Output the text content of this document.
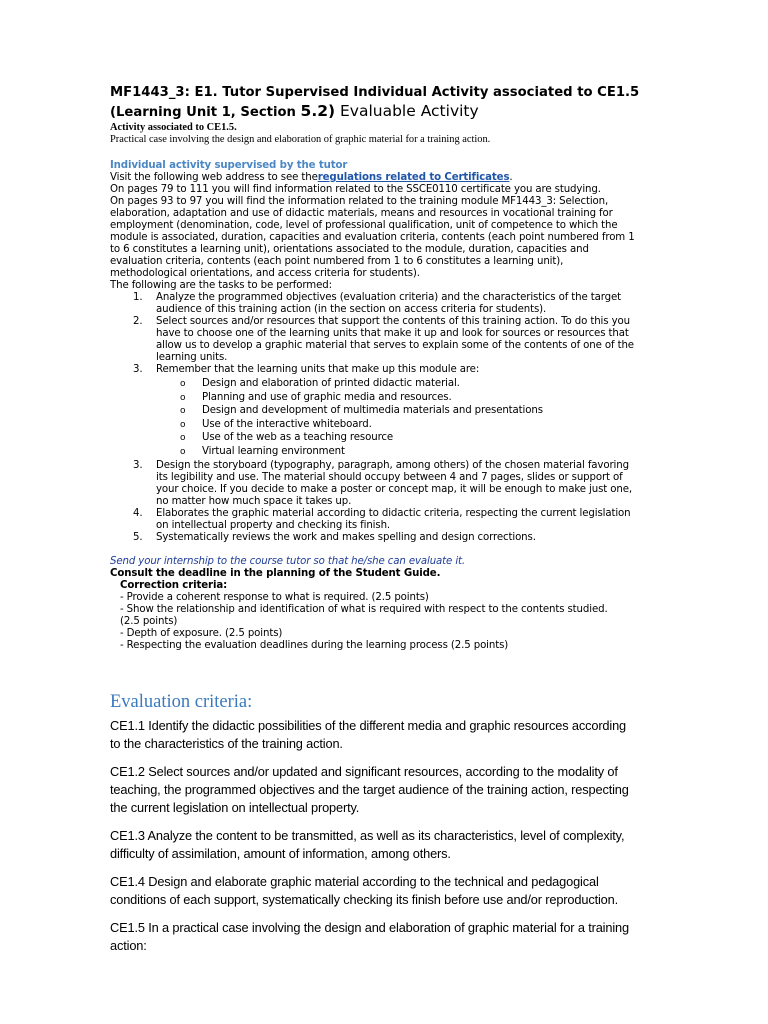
MF1443_3: E1. Tutor Supervised Individual Activity associated to CE1.5
(Learning Unit 1, Section 5.2) Evaluable Activity
Activity associated to CE1.5.
Practical case involving the design and elaboration of graphic material for a training action.
Individual activity supervised by the tutor
Visit the following web address to see theregulations related to Certificates.
On pages 79 to 111 you will find information related to the SSCE0110 certificate you are studying.
On pages 93 to 97 you will find the information related to the training module MF1443_3: Selection,
elaboration, adaptation and use of didactic materials, means and resources in vocational training for
employment (denomination, code, level of professional qualification, unit of competence to which the
module is associated, duration, capacities and evaluation criteria, contents (each point numbered from 1
to 6 constitutes a learning unit), orientations associated to the module, duration, capacities and
evaluation criteria, contents (each point numbered from 1 to 6 constitutes a learning unit),
methodological orientations, and access criteria for students).
The following are the tasks to be performed:
1. Analyze the programmed objectives (evaluation criteria) and the characteristics of the target
audience of this training action (in the section on access criteria for students).
2. Select sources and/or resources that support the contents of this training action. To do this you
have to choose one of the learning units that make it up and look for sources or resources that
allow us to develop a graphic material that serves to explain some of the contents of one of the
learning units.
3. Remember that the learning units that make up this module are:
o Design and elaboration of printed didactic material.
o Planning and use of graphic media and resources.
o Design and development of multimedia materials and presentations
o Use of the interactive whiteboard.
o Use of the web as a teaching resource
o Virtual learning environment
3. Design the storyboard (typography, paragraph, among others) of the chosen material favoring
its legibility and use. The material should occupy between 4 and 7 pages, slides or support of
your choice. If you decide to make a poster or concept map, it will be enough to make just one,
no matter how much space it takes up.
4. Elaborates the graphic material according to didactic criteria, respecting the current legislation
on intellectual property and checking its finish.
5. Systematically reviews the work and makes spelling and design corrections.
Send your internship to the course tutor so that he/she can evaluate it.
Consult the deadline in the planning of the Student Guide.
Correction criteria:
- Provide a coherent response to what is required. (2.5 points)
- Show the relationship and identification of what is required with respect to the contents studied.
(2.5 points)
- Depth of exposure. (2.5 points)
- Respecting the evaluation deadlines during the learning process (2.5 points)
Evaluation criteria:

CE1.1 Identify the didactic possibilities of the different media and graphic resources according
to the characteristics of the training action.

CE1.2 Select sources and/or updated and significant resources, according to the modality of
teaching, the programmed objectives and the target audience of the training action, respecting
the current legislation on intellectual property.

CE1.3 Analyze the content to be transmitted, as well as its characteristics, level of complexity,
difficulty of assimilation, amount of information, among others.

CE1.4 Design and elaborate graphic material according to the technical and pedagogical
conditions of each support, systematically checking its finish before use and/or reproduction.

CE1.5 In a practical case involving the design and elaboration of graphic material for a training
action:
